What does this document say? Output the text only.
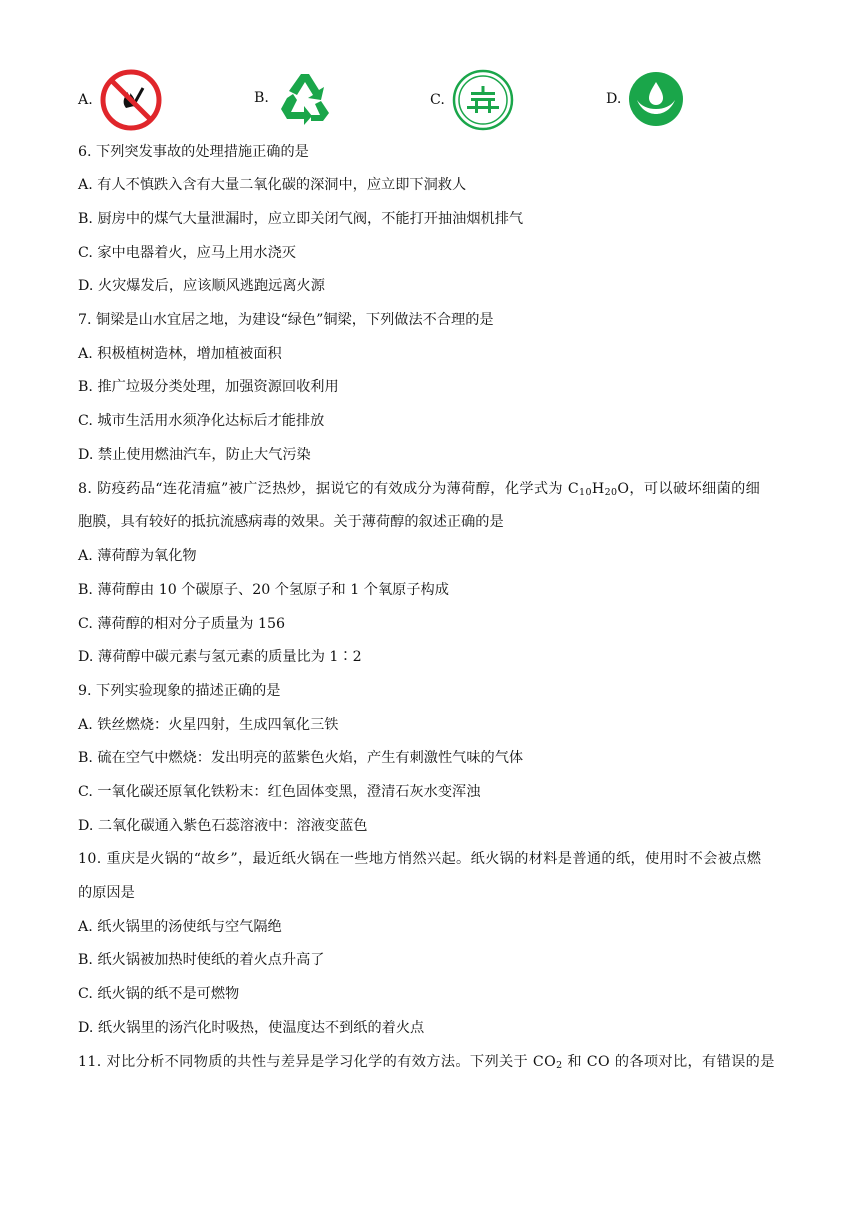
A.	B.	C.	D.
6. 下列突发事故的处理措施正确的是
A. 有人不慎跌入含有大量二氧化碳的深洞中，应立即下洞救人
B. 厨房中的煤气大量泄漏时，应立即关闭气阀，不能打开抽油烟机排气
C. 家中电器着火，应马上用水浇灭
D. 火灾爆发后，应该顺风逃跑远离火源
7. 铜梁是山水宜居之地，为建设“绿色”铜梁，下列做法不合理的是
A. 积极植树造林，增加植被面积
B. 推广垃圾分类处理，加强资源回收利用
C. 城市生活用水须净化达标后才能排放
D. 禁止使用燃油汽车，防止大气污染
8. 防疫药品“连花清瘟”被广泛热炒，据说它的有效成分为薄荷醇，化学式为 $C_{10}H_{20}O$，可以破坏细菌的细
胞膜，具有较好的抵抗流感病毒的效果。关于薄荷醇的叙述正确的是
A. 薄荷醇为氧化物
B. 薄荷醇由 10 个碳原子、20 个氢原子和 1 个氧原子构成
C. 薄荷醇的相对分子质量为 156
D. 薄荷醇中碳元素与氢元素的质量比为 1∶2
9. 下列实验现象的描述正确的是
A. 铁丝燃烧：火星四射，生成四氧化三铁
B. 硫在空气中燃烧：发出明亮的蓝紫色火焰，产生有刺激性气味的气体
C. 一氧化碳还原氧化铁粉末：红色固体变黑，澄清石灰水变浑浊
D. 二氧化碳通入紫色石蕊溶液中：溶液变蓝色
10. 重庆是火锅的“故乡”，最近纸火锅在一些地方悄然兴起。纸火锅的材料是普通的纸，使用时不会被点燃
的原因是
A. 纸火锅里的汤使纸与空气隔绝
B. 纸火锅被加热时使纸的着火点升高了
C. 纸火锅的纸不是可燃物
D. 纸火锅里的汤汽化时吸热，使温度达不到纸的着火点
11. 对比分析不同物质的共性与差异是学习化学的有效方法。下列关于 $CO_2$ 和 CO 的各项对比，有错误的是
